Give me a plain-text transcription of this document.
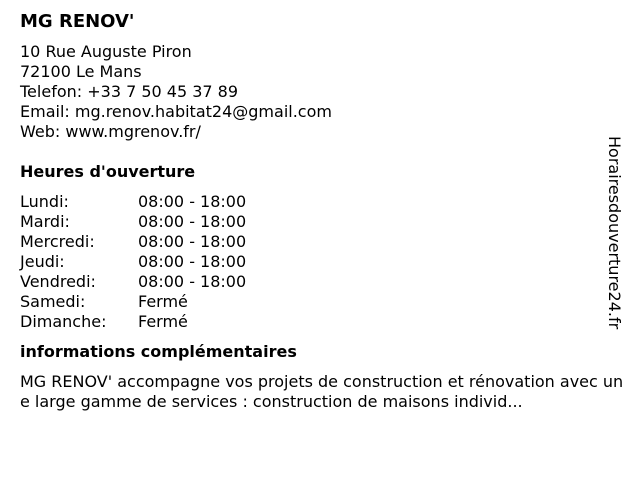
MG RENOV'
10 Rue Auguste Piron
72100 Le Mans
Telefon: +33 7 50 45 37 89
Email: mg.renov.habitat24@gmail.com
Web: www.mgrenov.fr/
Heures d'ouverture
Lundi:	08:00 - 18:00
Mardi:	08:00 - 18:00
Mercredi:	08:00 - 18:00
Jeudi:	08:00 - 18:00
Vendredi:	08:00 - 18:00
Samedi:	Fermé
Dimanche:	Fermé
informations complémentaires
MG RENOV' accompagne vos projets de construction et rénovation avec une large gamme de services : construction de maisons individ...
Horairesdouverture24.fr
